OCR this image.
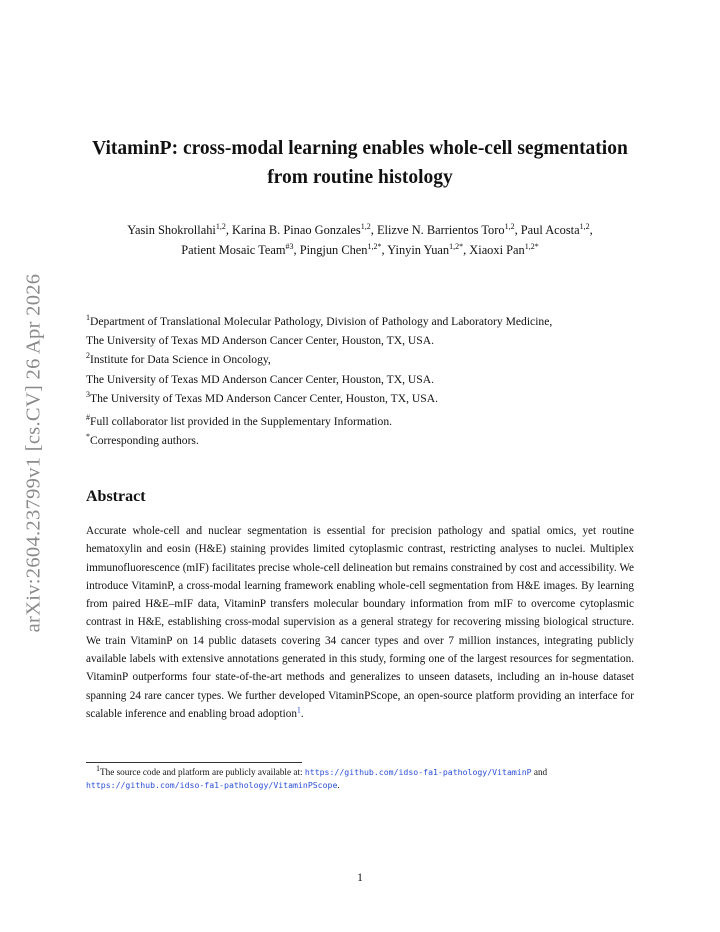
arXiv:2604.23799v1 [cs.CV] 26 Apr 2026
VitaminP: cross-modal learning enables whole-cell segmentation
from routine histology
Yasin Shokrollahi$^{1,2}$, Karina B. Pinao Gonzales$^{1,2}$, Elizve N. Barrientos Toro$^{1,2}$, Paul Acosta$^{1,2}$,
Patient Mosaic Team$^{\#3}$, Pingjun Chen$^{1,2*}$, Yinyin Yuan$^{1,2*}$, Xiaoxi Pan$^{1,2*}$
$^1$Department of Translational Molecular Pathology, Division of Pathology and Laboratory Medicine,
The University of Texas MD Anderson Cancer Center, Houston, TX, USA.
$^2$Institute for Data Science in Oncology,
The University of Texas MD Anderson Cancer Center, Houston, TX, USA.
$^3$The University of Texas MD Anderson Cancer Center, Houston, TX, USA.
#Full collaborator list provided in the Supplementary Information.
*Corresponding authors.
Abstract
Accurate whole-cell and nuclear segmentation is essential for precision pathology and spatial omics, yet routine hematoxylin and eosin (H&E) staining provides limited cytoplasmic contrast, restricting analyses to nuclei. Multiplex immunofluorescence (mIF) facilitates precise whole-cell delineation but remains constrained by cost and accessibility. We introduce VitaminP, a cross-modal learning framework enabling whole-cell segmentation from H&E images. By learning from paired H&E–mIF data, VitaminP transfers molecular boundary information from mIF to overcome cytoplasmic contrast in H&E, establishing cross-modal supervision as a general strategy for recovering missing biological structure. We train VitaminP on 14 public datasets covering 34 cancer types and over 7 million instances, integrating publicly available labels with extensive annotations generated in this study, forming one of the largest resources for segmentation. VitaminP outperforms four state-of-the-art methods and generalizes to unseen datasets, including an in-house dataset spanning 24 rare cancer types. We further developed VitaminPScope, an open-source platform providing an interface for scalable inference and enabling broad adoption$^1$.
$^1$The source code and platform are publicly available at: https://github.com/idso-fa1-pathology/VitaminP and
https://github.com/idso-fa1-pathology/VitaminPScope.
1
